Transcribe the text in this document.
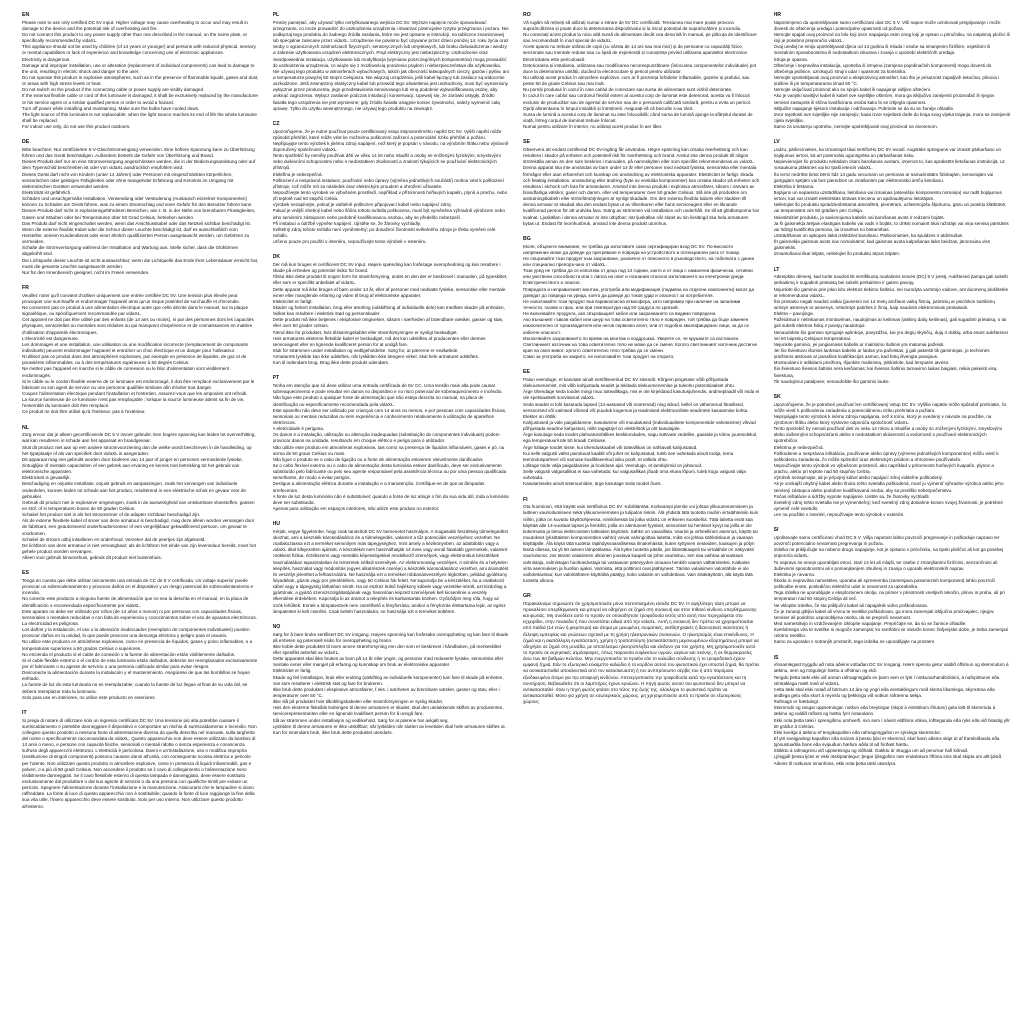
EN

Please note to use only certified DC 5V input. Higher voltage may cause overheating to occur and may result in damage to the device and the potential risk of overheating and fire.

Do not connect this product to any power supply other than one described in the manual, on the name plate, or specifically recommended by vidaXL.

This appliance should not be used by children (of 14 years or younger) and persons with reduced physical, sensory or mental capabilities or lack of experience and knowledge concerning use of electronic appliances.

Electricity is dangerous.

Damage and improper installation, use or alteration (replacement of individual components) can lead to damage to the unit, resulting in electric shock and danger to the user.

Do not operate this product in explosive atmospheres, such as in the presence of flammable liquids, gases and dust, or areas with high stress levels or heat.

Do not switch on the product if the connecting cable or power supply are visibly damaged.

If the external flexible cable or cord of this luminaire is damaged, it shall be exclusively replaced by the manufacturer or his service agent or a similar qualified person in order to avoid a hazard.

Turn off power while installing and maintaining. Make sure the bulbs have cooled down.

The light source of this luminaire is not replaceable; when the light source reaches its end of life the whole luminaire shall be replaced.

For indoor use only, do not use this product outdoors.

DE

Bitte beachten: Nur zertifizierten 5-V-Gleichstromeingang verwenden. Eine höhere Spannung kann zu Überhitzung führen und das Gerät beschädigen. Außerdem besteht die Gefahr von Überhitzung und Brand.

Dieses Produkt darf nur an eine Stromversorgung angeschlossen werden, die in der Bedienungsanleitung oder auf dem Typenschild beschrieben ist oder von vidaXL ausdrücklich empfohlen wird.

Dieses Gerät darf nicht von Kindern (unter 14 Jahren) oder Personen mit eingeschränkten körperlichen, sensorischen oder geistigen Fähigkeiten oder ohne mangelnder Erfahrung und Kenntnis im Umgang mit elektronischen Geräten verwendet werden.

Elektrizität ist gefährlich.

Schäden und unsachgemäße Installation, Verwendung oder Veränderung (Austausch einzelner Komponenten) können zu Schäden am Gerät führen, was zu einem Stromschlag und einer Gefahr für den Benutzer führen kann.

Dieses Produkt darf nicht in explosionsgefährdeten Bereichen, wie z. B. in der Nähe von brennbaren Flüssigkeiten, Gasen und Stäuben oder bei Temperaturen über 50 Grad Celsius, betrieben werden.

Das Produkt darf nicht eingeschaltet werden, wenn das Anschlusskabel oder das Netzteil sichtbar beschädigt ist.

Wenn die externe flexible Kabel oder die Schnur dieser Leuchte beschädigt ist, darf es ausschließlich vom Hersteller, seinem Kundendienst oder einer ähnlich qualifizierten Person ausgetauscht werden, um Gefahren zu vermeiden.

Schalte die Stromversorgung während der Installation und Wartung aus. Stelle sicher, dass die Glühbirnen abgekühlt sind.

Die Lichtquelle dieser Leuchte ist nicht austauschbar; wenn die Lichtquelle das Ende ihrer Lebensdauer erreicht hat, muss die gesamte Leuchte ausgetauscht werden.

Nur für den Innenbereich geeignet, nicht im Freien verwenden.

FR

Veuillez noter qu'il convient d'utiliser uniquement une entrée certifiée DC 5V. Une tension plus élevée peut provoquer une surchauffe et endommager l'appareil ainsi qu'un risque potentiel de surchauffe et d'incendie.

Ne connectez pas ce produit à une alimentation électrique autre que celle décrite dans le manuel, sur la plaque signalétique, ou spécifiquement recommandée par vidaXL.

Cet appareil ne doit pas être utilisé par des enfants (de 14 ans ou moins), ni par des personnes dont les capacités physiques, sensorielles ou mentales sont réduites ou qui manquent d'expérience et de connaissances en matière d'utilisation d'appareils électroniques.

L'électricité est dangereuse.

Les dommages et une installation, une utilisation ou une modification incorrecte (remplacement de composants individuels) peuvent endommager l'appareil et entraîner un choc électrique et un danger pour l'utilisateur.

N'utilisez pas ce produit dans des atmosphères explosives, par exemple en présence de liquides, de gaz et de poussières inflammables, ou à des températures supérieures à 50 degrés Celsius.

Ne mettez pas l'appareil en marche si le câble de connexion ou le bloc d'alimentation sont visiblement endommagés.

Si le câble ou le cordon flexible externe de ce luminaire est endommagé, il doit être remplacé exclusivement par le fabricant ou son agent de service ou une personne qualifiée similaire afin d'éviter tout danger.

Coupez l'alimentation électrique pendant l'installation et l'entretien. Assurez-vous que les ampoules ont refroidi.

La source lumineuse de ce luminaire n'est pas remplaçable ; lorsque la source lumineuse atteint sa fin de vie, l'ensemble du luminaire doit être remplacé.

Ce produit ne doit être utilisé qu'à l'intérieur, pas à l'extérieur.

NL

Zorg ervoor dat je alleen gecertificeerde DC 5 V invoer gebruikt. Een hogere spanning kan leiden tot oververhitting, wat kan resulteren in schade aan het apparaat en brandgevaar.

Sluit dit product niet aan op een andere stroomvoorziening dan die welke wordt beschreven in de handleiding, op het typeplaatje of als van specifiek door vidaXL is aangeraden.

Dit apparaat mag niet gebruikt worden door kinderen van 14 jaar of jonger en personen verminderde fysieke, zintuiglijke of mentale capaciteiten of een gebrek aan ervaring en kennis met betrekking tot het gebruik van elektronische apparaten.

Elektriciteit is gevaarlijk.

Beschadiging en onjuiste installatie, onjuist gebruik en aanpassingen, zoals het vervangen van individuele onderdelen, kunnen leiden tot schade aan het product, resulterend in een elektrische schok en gevaar voor de gebruiker.

Gebruik dit product niet in explosieve omgevingen, zoals in de aanwezigheid van ontvlambare vloeistoffen, gassen en stof, of in temperaturen boven de 50 graden Celsius.

Schakel het product niet in als het stroomsnoer of de adapter zichtbaar beschadigd zijn.

Als de externe flexibele kabel of snoer van deze armatuur is beschadigd, mag deze alleen worden vervangen door de fabrikant, een geautoriseerd onderhoudsmonteur of een vergelijkbaar gekwalificeerd persoon, om gevaar te voorkomen.

Schakel de stroom uitbij installeren en onderhoud. Verzeker dat de peertjes zijn afgekoeld.

De lichtbron van deze armatuur is niet vervangbaar; als de lichtbron het einde van zijn levensduur bereikt, moet het gehele product worden vervangen.

Alleen voor gebruik binnenshuis, gebruik dit product niet buitenshuis.

ES

Tenga en cuenta que debe utilizar únicamente una entrada de CC de 5 V certificada. Un voltaje superior puede provocar un sobrecalentamiento y provocar daños en el dispositivo y un riesgo potencial de sobrecalentamiento e incendio.

No conecte este producto a ninguna fuente de alimentación que no sea la descrita en el manual, en la placa de identificación o recomendada específicamente por vidaXL.

Este aparato no debe ser utilizado por niños (de 14 años o menos) ni por personas con capacidades físicas, sensoriales o mentales reducidas o con falta de experiencia y conocimientos sobre el uso de aparatos electrónicos.

La electricidad es peligrosa.

Los daños y la instalación, el uso o la alteración inadecuados (reemplazo de componentes individuales) pueden provocar daños en la unidad, lo que puede provocar una descarga eléctrica y peligro para el usuario.

No utilice este producto en atmósferas explosivas, como en presencia de líquidos, gases y polvo inflamables, o a temperaturas superiores a 50 grados Celsius o superiores.

No encienda el producto si el cable de conexión o la fuente de alimentación están visiblemente dañados.

Si el cable flexible externo o el cordón de esta luminaria están dañados, deberán ser reemplazados exclusivamente por el fabricante o su agente de servicio o una persona calificada similar para evitar riesgos.

Desconecte la alimentación durante la instalación y el mantenimiento. Asegúrese de que las bombillas se hayan enfriado.

La fuente de luz de esta luminaria no es reemplazable; cuando la fuente de luz llegue al final de su vida útil, se deberá reemplazar toda la luminaria.

Solo para uso en interiores, no utilice este producto en exteriores.

IT

Si prega di notare di utilizzare solo un ingresso certificato DC 5V. Una tensione più alta potrebbe causare il surriscaldamento e potrebbe danneggiare il dispositivo e comportare un rischio di surriscaldamento e incendio. Non collegare questo prodotto a nessuna fonte di alimentazione diversa da quella descritta nel manuale, sulla targhetta del nome o specificamente raccomandata da vidaXL. Questo apparecchio non deve essere utilizzato da bambini di 14 anni o meno, e persone con capacità fisiche, sensoriali o mentali ridotte o senza esperienza e conoscenza sull'uso degli apparecchi elettronici. L'elettricità è pericolosa. Danni e un'installazione, uso o modifica impropria (sostituzione di singoli componenti) possono causare danni all'unità, con conseguente scossa elettrica e pericolo per l'utente. Non utilizzare questo prodotto in atmosfere esplosive, come in presenza di liquidi infiammabili, gas e polveri, o a più di 50 gradi Celsius. Non accendere il prodotto se il cavo di collegamento o l'alimentazione sono visibilmente danneggiati. Se il cavo flessibile esterno di questa lampada è danneggiato, deve essere sostituito esclusivamente dal produttore o dal suo agente di servizio o da una persona con qualifiche simili per evitare un pericolo. Spegnere l'alimentazione durante l'installazione e la manutenzione. Assicurarsi che le lampadine si siano raffreddate. La fonte di luce di questo apparecchio non è sostituibile; quando la fonte di luce raggiunge la fine della sua vita utile, l'intero apparecchio deve essere sostituito. Solo per uso interno. Non utilizzare questo prodotto all'esterno.

PL

Proszę pamiętać, aby używać tylko certyfikowanego wejścia DC 5V. Wyższe napięcie może spowodować przegrzanie, co może prowadzić do uszkodzenia urządzenia i stwarzać potencjalne ryzyko przegrzania i pożaru. Nie podłączaj tego produktu do żadnego źródła zasilania, które nie jest opisane w instrukcji, na tabliczce znamionowej lub specjalnie zalecane przez vidaXL. Urządzenie nie powinno być używane przez dzieci poniżej 14. roku życia oraz osoby o ograniczonych zdolnościach fizycznych, sensorycznych lub umysłowych, lub braku doświadczenia i wiedzy w zakresie użytkowania urządzeń elektronicznych. Prąd elektryczny jest niebezpieczny. Uszkodzenie oraz nieodpowiednia instalacja, użytkowanie lub modyfikacja (wymiana poszczególnych komponentów) mogą prowadzić do uszkodzenia urządzenia, co wiąże się z możliwością porażenia prądem i niebezpieczeństwa dla użytkownika. Nie używaj tego produktu w atmosferach wybuchowych, takich jak obecność łatwopalnych cieczy, gazów i pyłów, ani w temperaturze powyżej 50 stopni Celsjusza. Nie włączaj urządzenia, jeśli kabel łączący lub zasilacz są widocznie uszkodzone. Jeśli zewnętrzny elastyczny kabel lub przewód tego oświetlenia jest uszkodzony, musi być wymieniony wyłącznie przez producenta, jego przedstawiciela serwisowego lub inną podobnie wykwalifikowaną osobę, aby uniknąć zagrożenia. Wyłącz zasilanie podczas instalacji i konserwacji. Upewnij się, że żarówki ostygły. Źródło światła tego urządzenia nie jest wymienne; gdy źródło światła osiągnie koniec żywotności, należy wymienić całą oprawę. Tylko do użytku wewnętrznego, nie używaj tego produktu na zewnątrz.

CZ

Upozorňujeme, že je nutné používat pouze certifikovaný vstup stejnosměrného napětí DC 5V. Vyšší napětí může způsobit přehřátí, které může vést ke možnému poškození zařízení a potenciální riziko přehřátí a požáru.

Nepřipojujte tento výrobek k jinému zdroji napájení, než který je popsán v návodu, na výrobním štítku nebo výslovně doporučený společností vidaXL.

Tento spotřebič by neměly používat děti ve věku 14 let nebo mladší a osoby se sníženými fyzickými, smyslovými nebo duševními schopnostmi nebo s nedostatkem zkušeností a znalostí týkajících se používání elektronických přístrojů.

Elektřina je nebezpečná.

Poškození a nesprávná instalace, používání nebo úpravy (výměna jednotlivých součástí) mohou vést k poškození přístroje, což může mít za následek úraz elektrickým proudem a ohrožení uživatele.

Nepoužívejte tento výrobek ve výbušném prostředí, například v přítomnosti hořlavých kapalin, plynů a prachu, nebo při teplotě nad 50 stupňů Celsia.

Výrobek nezapínejte, pokud je viditelně poškozen připojovací kabel nebo napájecí zdroj.

Pokud je vnější ohebný kabel nebo šňůra tohoto svítidla poškozena, musí být vyměněna výhradně výrobcem nebo jeho servisním zástupcem nebo podobně kvalifikovanou osobou, aby se předešlo nebezpečí.

Při instalaci a údržbě vypněte napájení. Ujistěte se, že žárovky vychladly.

Světelný zdroj tohoto svítidla není vyměnitelný; po dosažení životnosti světelného zdroje je třeba vyměnit celé svítidlo.

Určeno pouze pro použití v interiéru, nepoužívejte tento výrobek v exteriéru.

DK

Der må kun bruges et certificeret DC 5V input. Højere spænding kan forårsage overophedning og kan resultere i skade på enheden og potentiel risiko for brand.

Tilslut ikke dette produkt til nogen form for strømforsyning, andet en den der er beskrevet i manualen, på typeskiltet, eller som er specifikt anbefalet af vidaXL.

Dette apparat må ikke bruges af børn under 14 år, eller af personer med nedsatte fysiske, sensoriske eller mentale evner eller manglende erfaring og viden til brug af elektroniske apparater.

Elektricitet er farligt.

Skader og forkert installation, brug eller ændring (udskiftning af individuelle dele) kan medføre skader på enheden, hvilket kan resultere i elektrisk stød og personskader.

Dette produkt må ikke betjenes i eksplosive omgivelser, såsom i nærheden af brændbare væsker, gasser og støv, eller over 50 grader celsius.

Tænd ikke for produktet, hvis tilslutningskablet eller strømforsyningen er synligt beskadiget.

Hvis armaturets eksterne fleksible kabel er beskadiget, må det kun udskiftes af producenten eller dennes serviceagent eller en lignende kvalificeret person for at undgå fare.

Sluk for strømmen under installation og vedligeholdelse. Sørg for, at pærerne er nedkølede.

Armaturets lyskilde kan ikke udskiftes, når lyskilden ikke længere virker, skal hele armaturet udskiftes.

Kun til indendørs brug. Brug ikke dette produkt udendørs.

PT

Tenha em atenção que só deve utilizar uma entrada certificada de 5V CC. Uma tensão mais alta pode causar sobreaquecimento e pode resultar em danos no dispositivo e no risco potencial de sobreaquecimento e incêndio.

Não ligue este produto a qualquer fonte de alimentação que não esteja descrita no manual, na placa de identificação ou especificamente recomendada pela vidaXL.

Este aparelho não deve ser utilizado por crianças com 14 anos ou menos, e por pessoas com capacidades físicas, sensoriais ou mentais reduzidas ou sem experiência e conhecimento relativamente à utilização de aparelhos eletrónicos.

A eletricidade é perigosa.

Os danos e a instalação, utilização ou alteração inadequadas (substituição de componentes individuais) podem provocar danos na unidade, resultando em choque elétrico e perigo para o utilizador.

Não utilize este produto em atmosferas explosivas, tais como na presença de líquidos inflamáveis, gases e pó, ou acima de 50 graus Celsius ou mais.

Não ligue o produto se o cabo de ligação ou a fonte de alimentação estiverem visivelmente danificados.

Se o cabo flexível externo ou o cabo de alimentação desta luminária estiver danificado, deve ser exclusivamente substituído pelo fabricante ou pelo seu agente responsável pela assistência técnica ou por uma pessoa qualificada semelhante, de modo a evitar perigos.

Desligue a alimentação elétrica durante a instalação e a manutenção. Certifique-se de que as lâmpadas arrefeceram.

A fonte de luz desta luminária não é substituível; quando a fonte de luz atingir o fim da sua vida útil, toda a luminária deve ser substituída.

Apenas para utilização em espaços interiores, não utilize este produto no exterior.

HU

Kérjük, vegye figyelembe, hogy csak tanúsított DC 5V bemenetet használjon. A magasabb feszültség túlmelegedést okozhat, ami a készülék károsodásához és a túlmelegedés, valamint a tűz potenciális veszélyéhez vezethet. Ne csatlakoztassa ezt a terméket semmilyen más tápegységhez, mint amely a kézikönyvben, az adattáblán vagy a vidaXL által kifejezetten ajánlott. A készüléket nem használhatják 14 éves vagy annál fiatalabb gyermekek, valamint csökkent fizikai, érzékszervi vagy mentális képességekkel rendelkező személyek, vagy elektronikus készülékek használatában tapasztalatlan és ismeretek nélküli személyek. Az elektromosság veszélyes. A sérülés és a helytelen telepítés, használat vagy módosítás (egyes alkatrészek cseréje) a készülék károsodásához vezethet, ami áramütést és veszélyt jelenthet a felhasználóra. Ne használja ezt a terméket robbanásveszélyes légkörben, például gyúlékony folyadékok, gázok vagy por jelenlétében, vagy 50 Celsius fok felett. Ne kapcsolja be a készüléket, ha a csatlakozó kábel vagy a tápegység láthatóan sérült. Ha az eszköz külső hajlékony kábele vagy vezetéke sérült, azt kizárólag a gyártónak, a gyártó szervizszolgáltatójának vagy hasonlóan képzett személynek kell kicserélnie a veszély elkerülése érdekében. Kapcsolja ki az áramot a telepítés és karbantartás közben. Győződjön meg róla, hogy az izzók lehűltek. Ennek a lámpatestnek nem cserélhető a fényforrása; amikor a fényforrás élettartama lejár, az egész lámpatestet ki kell cserélni. Csak beltéri használatra, ne használja ezt a terméket kültéren.

NO

Sørg for å bare bruke sertifisert DC 5V inngang. Høyere spenning kan forårsake overoppheting og kan føre til skade på enheten og potensiell risiko for overoppheting og brann.

Ikke koble dette produktet til noen annen strømforsyning enn den som er beskrevet i håndboken, på merkeskiltet eller spesifikt anbefalt av vidaXL.

Dette apparatet skal ikke brukes av barn på 14 år eller yngre, og personer med reduserte fysiske, sensoriske eller mentale evner eller mangel på erfaring og kunnskap om bruk av elektroniske apparater.

Elektrisitet er farlig.

Skade og feil installasjon, bruk eller endring (utskifting av individuelle komponenter) kan føre til skade på enheten, noe som resulterer i elektrisk støt og fare for brukeren.

Ikke bruk dette produktet i eksplosive atmosfærer, f.eks. i nærheten av brennbare væsker, gasser og støv, eller i temperaturer over 50 °C.

Ikke slå på produktet hvis tilkoblingskabelen eller strømforsyningen er synlig skadet.

Hvis den eksterne fleksible ledningen til denne armaturen er skadet, skal den utelukkende skiftes av produsenten, servicerepresentanten eller en lignende kvalifisert person for å unngå fare.

Slå av strømmen under installasjon og vedlikehold. Sørg for at pærene har avkjølt seg.

Lyskilden til denne armaturen er ikke utskiftbar; når lyskilden når slutten av levetiden skal hele armaturen skiftes ut.

Kun for innendørs bruk, ikke bruk dette produktet utendørs.

RO

Vă rugăm să rețineți să utilizați numai o intrare de 5V DC certificată. Tensiunea mai mare poate provoca supraîncălzirea și poate duce la deteriorarea dispozitivului și la riscul potențial de supraîncălzire și incendiu.

Nu conectați acest produs la nicio altă sursă de alimentare decât cea descrisă în manual, pe plăcuța de identificare sau recomandată în mod special de vidaXL.

Acest aparat nu trebuie utilizat de copii (cu vârsta de 14 ani sau mai mici) și de persoane cu capacități fizice, senzoriale sau mentale reduse sau cu lipsă de experiență și cunoștințe privind utilizarea aparatelor electronice.

Electricitatea este periculoasă.

Deteriorarea și instalarea, utilizarea sau modificarea necorespunzătoare (înlocuirea componentelor individuale) pot duce la deteriorarea unității, ducând la electrocutare și pericol pentru utilizator.

Nu utilizați acest produs în atmosfere explozive, cum ar fi prezența lichidelor inflamabile, gazelor și prafului, sau peste 50 de grade Celsius sau mai mult.

Nu porniți produsul în cazul în care cablul de conectare sau sursa de alimentare sunt vizibil deteriorate.

În cazul în care cablul sau cordonul flexibil extern al acestui corp de iluminat este deteriorat, acesta va fi înlocuit exclusiv de producător sau de agentul de service sau de o persoană calificată similară, pentru a evita un pericol.

Opriți alimentarea în timpul instalării și întreținerii. Asigurați-vă că becurile s-au răcit.

Sursa de lumină a acestui corp de iluminat nu este înlocuibilă; când sursa de lumină ajunge la sfârșitul duratei de viață, întreg corpul de iluminat trebuie înlocuit.

Numai pentru utilizare în interior, nu utilizați acest produs în aer liber.

SE

Observera att endast certifierad DC 5V-ingång får användas. Högre spänning kan orsaka överhettning och kan resultera i skador på enheten och potentiell risk för överhettning och brand. Anslut inte denna produkt till någon strömkälla annan än den som beskrivs i manualen, på namnskylten eller som specifikt rekommenderas av vidaXL. Denna apparat ska inte användas av barn under 14 år eller personer med nedsatt fysiska, sensoriska eller mentala förmågor eller utan erfarenhet och kunskap om användning av elektroniska apparater. Elektricitet är farligt. Skada och felaktig installation, användning eller ändring (byte av enskilda komponenter) kan orsaka skador på enheten och resultera i elchock och fara för användaren. Använd inte denna produkt i explosiva atmosfärer, såsom i närvaro av brandfarliga vätskor, gaser och damm, eller vid temperaturer över 50 grader Celsius. Slå inte på produkten om anslutningskabeln eller strömförsörjningen är synligt skadade. Om den externa flexibla kabeln eller sladden till denna armatur är skadad ska den endast bytas ut av tillverkaren eller hans serviceagent eller en liknande kvalificerad person för att undvika fara. Stäng av strömmen vid installation och underhåll. Se till att glödlamporna har svalnat. Ljuskällan i denna armatur är inte utbytbar; när ljuskällan når slutet av sin livslängd ska hela armaturen bytas ut. Endast för inomhusbruk, använd inte denna produkt utomhus.

BG

Моля, обърнете внимание, че трябва да използвате само сертифициран вход DC 5V. По-високото напрежение може да доведе до прегряване и повреда на устройството и потенциален риск от пожар.

Не свързвайте този продукт към захранване, различно от описаното в ръководството, на табелката с данни или специално препоръчано от vidaXL.

Този уред не трябва да се използва от деца под 14 години, както и от лица с намалени физически, сетивни или умствени способности или с липса на опит и познания относно използването на електронни уреди.

Електричеството е опасно.

Повредата и неправилният монтаж, употреба или модификация (подмяна на отделни компоненти) могат да доведат до повреда на уреда, което да доведе до токов удар и опасност за потребителя.

Не използвайте този продукт във взривоопасна атмосфера, като например при наличие на запалими течности, газове и прах, или при температура над 50 градуса по Целзий.

Не включвайте продукта, ако свързващият кабел или захранването са видимо повредени.

Ако външният гъвкав кабел или шнур на това осветително тяло е повреден, той трябва да бъде заменен изключително от производителя или негов сервизен агент, или от подобно квалифицирано лице, за да се избегне опасност.

Изключвайте захранването по време на монтаж и поддръжка. Уверете се, че крушките са изстинали.

Светлинният източник на това осветително тяло не може да се сменя. Когато светлинният източник достигне края на своя живот, цялото осветително тяло трябва да се смени.

Само за употреба на закрито, не използвайте този продукт на открито.

EE

Palun veenduge, et kasutate ainult sertifitseeritud DC 5V sisendit. Kõrgem pingetase võib põhjustada ülekuumenemist, mis võib kahjustada seadet ja tekitada ülekuumenemise ja tuleohu potentsiaalset ohtu.

Ärge ühendage seda toodet mingi muu toiteallikaga, mis ei ole kirjeldatud kasutusjuhendis, andmeplaadil või mida ei ole spetsiaalselt soovitanud vidaXL.

Seda seadet ei tohi kasutada lapsed (14-aastased või nooremad) ning isikud, kellel on vähenenud füüsilised, sensoorsed või vaimsed võimed või puudub kogemus ja teadmised elektrooniliste seadmete kasutamise kohta.

Elekter on ohtlik.

Kahjustused ja vale paigaldamine, kasutamine või muudatused (individuaalsete komponentide vahetamine) võivad põhjustada seadme kahjustusi, mille tagajärjel on elektrilöök ja oht kasutajale.

Ärge kasutage seda toodet plahvatusohtlikes keskkondades, nagu süttivate vedelike, gaaside ja tolmu juuresolekul, ega temperatuuril üle 50 kraadi Celsiuse.

Ärge lülitage toodet sisse, kui ühenduskaabel või toiteallikas on nähtavalt kahjustatud.

Kui selle valgusti välist painduvat kaablit või juhet on kahjustatud, tuleb see vahetada ainult tootja, tema teeninduspartneri või sarnase kvalifitseeritud isiku poolt, et vältida ohtu.

Lülitage toide välja paigaldamise ja hoolduse ajal. Veenduge, et lambipirnid on jahtunud.

Selle valgusti valgusallikat ei saa vahetada; kui valgusallikas jõuab oma eluea lõpuni, tuleb kogu valgusti välja vahetada.

Kasutamiseks ainult siseruumides, ärge kasutage seda toodet õues.

FI

Ota huomioon, että käytät vain sertifioitua DC 5V -tuloliitäntää. Korkeampi jännite voi johtaa ylikuumenemiseen ja laitteen vaurioitumiseen sekä ylikuumenemisen ja tulipalon riskiin. Älä yhdistä tätä tuotetta muihin virtalähteisiin kuin niihin, jotka on kuvattu käyttöohjeessa, nimikilvessä tai jotka vidaXL on erikseen suositellut. Tätä laitetta eivät saa käyttää alle 14-vuotiaat lapset ja henkilöt, joilla on alentuneet fyysiset, sensoriset tai henkiset kyvyt tai joilla ei ole kokemusta ja tietoa elektronisten laitteiden käytöstä. Sähkö on vaarallista. Vauriot ja virheellinen asennus, käyttö tai muutokset (yksittäisten komponenttien vaihto) voivat vahingoittaa laitetta, mikä voi johtaa sähköiskuun ja vaaraan käyttäjälle. Älä käytä tätä tuotetta räjähdysvaarallisessa ilmakehässä, kuten syttyvien nesteiden, kaasujen ja pölyn läsnä ollessa, tai yli 50 asteen lämpötilassa. Älä kytke tuotetta päälle, jos liitäntäkaapeli tai virtalähde on näkyvästi vaurioitunut. Jos tämän valaisimen ulkoinen joustava kaapeli tai johto vaurioituu, sen saa vaihtaa ainoastaan valmistaja, valmistajan huoltoedustaja tai vastaavan pätevyyden omaava henkilö vaaran välttämiseksi. Katkaise virta asennuksen ja huollon ajaksi. Varmista, että polttimot ovat jäähtyneet. Tämän valaisimen valonlähde ei ole vaihdettavissa; kun valonlähteen käyttöikä päättyy, koko valaisin on vaihdettava. Vain sisäkäyttöön, älä käytä tätä tuotetta ulkona.

GR

Παρακαλούμε σημειώστε ότι χρησιμοποιείτε μόνο πιστοποιημένη είσοδο DC 5V. Η υψηλότερη τάση μπορεί να προκαλέσει υπερθέρμανση και μπορεί να οδηγήσει σε ζημιά στη συσκευή και στον πιθανό κίνδυνο υπερθέρμανσης και φωτιάς. Μη συνδέετε αυτό το προϊόν σε οποιαδήποτε τροφοδοσία εκτός από αυτή που περιγράφεται στο εγχειρίδιο, στην πινακίδα ή που συνιστάται ειδικά από την vidaXL. Αυτή η συσκευή δεν πρέπει να χρησιμοποιείται από παιδιά (14 ετών ή μικρότερα) και άτομα με μειωμένες σωματικές, αισθητηριακές ή διανοητικές ικανότητες ή έλλειψη εμπειρίας και γνώσεων σχετικά με τη χρήση ηλεκτρονικών συσκευών. Ο ηλεκτρισμός είναι επικίνδυνος. Η ζημιά και η ακατάλληλη εγκατάσταση, χρήση ή τροποποίηση (αντικατάσταση μεμονωμένων εξαρτημάτων) μπορεί να οδηγήσει σε ζημιά στη μονάδα, με αποτέλεσμα ηλεκτροπληξία και κίνδυνο για τον χρήστη. Μη χρησιμοποιείτε αυτό το προϊόν σε εκρηκτικές ατμόσφαιρες, όπως παρουσία εύφλεκτων υγρών, αερίων και σκόνης, ή σε θερμοκρασίες άνω των 50 βαθμών Κελσίου. Μην ενεργοποιείτε το προϊόν εάν το καλώδιο σύνδεσης ή το τροφοδοτικό έχουν εμφανή ζημιά. Εάν το εξωτερικό εύκαμπτο καλώδιο ή το κορδόνι αυτού του φωτιστικού έχει υποστεί ζημιά, θα πρέπει να αντικατασταθεί αποκλειστικά από τον κατασκευαστή ή τον αντιπρόσωπο σέρβις του ή από παρόμοια εξειδικευμένο άτομο για την αποφυγή κινδύνου. Απενεργοποιείτε την τροφοδοσία κατά την εγκατάσταση και τη συντήρηση. Βεβαιωθείτε ότι οι λαμπτήρες έχουν κρυώσει. Η πηγή φωτός αυτού του φωτιστικού δεν μπορεί να αντικατασταθεί· όταν η πηγή φωτός φτάσει στο τέλος της ζωής της, ολόκληρο το φωτιστικό πρέπει να αντικατασταθεί. Μόνο για χρήση σε εσωτερικούς χώρους, μη χρησιμοποιείτε αυτό το προϊόν σε εξωτερικούς χώρους.

HR

Napominjemo da upotrebljavate samo certificirani ulaz DC 5 V. Viši napon može uzrokovati pregrijavanje i može dovesti do oštećenja uređaja i potencijalne opasnosti od požara.

Nemojte spajati ovaj proizvod na bilo koji izvor napajanja osim onog koji je opisan u priručniku, na natpisnoj pločici ili koji je posebno preporučio vidaXL.

Ovaj uređaj ne smiju upotrebljavati djeca od 14 godina ili mlada i osobe sa smanjenim fizičkim, osjetilnim ili mentalnim sposobnostima ili nedostatkom iskustva i znanja o upotrebi električnih uređaja.

Struja je opasna.

Oštećenje i nepravilna instalacija, upotreba ili izmjena (zamjena pojedinačnih komponenti) mogu dovesti do oštećenja jedinice, uzrokujući strujni udar i opasnost za korisnika.

Nemojte upotrebljavati ovaj proizvod u eksplozivnoj atmosferi, kao što je prisutnost zapaljivih tekućina, plinova i prašine ili pri temperaturama iznad 50 °C.

Nemojte uključivati proizvod ako su spojni kabel ili napajanje vidljivo oštećeni.

Ako je vanjski savitljivi kabel ili kabel ove svjetiljke oštećen, mora ga isključivo zamijeniti proizvođač ili njegov servisni zastupnik ili slična kvalificirana osoba kako bi se izbjegla opasnost.

Isključite napajanje tijekom instalacije i održavanja. Pobrinite se da su se žarulje ohladile.

Izvor svjetlosti ove svjetiljke nije zamjenjiv; kada izvor svjetlosti dođe do kraja svog vijeka trajanja, mora se zamijeniti cijela svjetiljka.

Samo za unutarnju upotrebu, nemojte upotrebljavati ovaj proizvod na otvorenom.

LV

Lūdzu, pārliecinieties, ka izmantojat tikai sertificētu DC 5V ievadi. Augstāks spriegums var izraisīt pārkaršanu un bojājumus ierīcei, kā arī potenciālu ugunsgrēka un pārkaršanas risku.

Nepievienojiet šo produktu nekādam citam barošanas avotam, izņemot to, kas aprakstīts lietošanas instrukcijā, uz nosaukuma plāksnes vai ko īpaši ieteicis vidaXL.

Šo ierīci nedrīkst lietot bērni līdz 14 gadu vecumam un personas ar samazinātām fiziskajām, sensorajām vai garīgajām spējām vai bez pieredzes un zināšanām par elektronisko ierīču lietošanu.

Elektrība ir bīstama.

Bojājumi un nepareiza uzstādīšana, lietošana vai izmaiņas (atsevišķu komponentu nomaiņa) var radīt bojājumus ierīcei, kas var izraisīt elektriskās strāvas triecienu un apdraudējumu lietotājam.

Nelietojiet šo produktu sprādzienbīstamā atmosfērā, piemēram, uzliesmojošu šķidrumu, gāzu un putekļu klātbūtnē, vai temperatūrā virs 50 grādiem pēc Celsija.

Neieslēdziet produktu, ja savienojuma kabelis vai barošanas avots ir redzami bojāts.

Ja šī gaismekļa ārējais elastīgais kabelis vai vads ir bojāts, to drīkst nomainīt tikai ražotājs vai viņa servisa pārstāvis vai līdzīgi kvalificēta persona, lai izvairītos no bīstamības.

Uzstādīšanas un apkopes laikā izslēdziet barošanu. Pārliecinieties, ka spuldzes ir atdzisušas.

Šī gaismekļa gaismas avots nav nomaināms; kad gaismas avota kalpošanas laiks beidzas, jānomaina viss gaismeklis.

Izmantošanai tikai telpās, nelietojiet šo produktu ārpus telpām.

LT

Atkreipkite dėmesį, kad turite naudoti tik sertifikuotą nuolatinės srovės (DC) 5 V įvestį. Aukštesnė įtampa gali sukelti perkaitimą ir sugadinti prietaisą bei sukelti perkaitimo ir gaisro pavojų.

Nejunkite šio gaminio prie jokio kito elektros tiekimo šaltinio, nei nurodyta vartotojo vadove, ant duomenų plokštelės ar rekomenduota vidaXL.

Šio prietaiso negali naudoti vaikai (jaunesni nei 14 metų amžiaus vaikų fizinių, jutiminių ar psichikos sutrikimų turintys asmenys ar asmenys, neturintys patirties ir žinių, kaip naudotis elektroniniais prietaisais.

Elektra – pavojinga.

Pažeidimai ir netinkamas montavimas, naudojimas ar keitimas (atskirų dalių keitimas), gali sugadinti prietaisą, o tai gali sukelti elektros šoką ir pavojų naudotojui.

Nenaudokite šio gaminio sprogioje aplinkoje, pavyzdžiui, kai yra degių skysčių, dujų ir dulkių, arba esant aukštesnei nei 50 laipsnių Celsijaus temperatūrai.

Nejunkite gaminio, jei jungiamasis kabelis ar maitinimo šaltinis yra matomai pažeisti.

Jei šio šviestuvo išorinis lankstus kabelis ar laidas yra pažeistas, jį gali pakeisti tik gamintojas, jo techninės priežiūros atstovas ar panašios kvalifikacijos asmuo, kad būtų išvengta pavojaus.

Montuodami ir atlikdami priežiūrą, išjunkite maitinimą. Įsitikinkite, kad lemputės atvėso.

Šio šviestuvo šviesos šaltinis nėra keičiamas; kai šviesos šaltinio tarnavimo laikas baigiasi, reikia pakeisti visą šviestuvą.

Tik naudojimui patalpose; nenaudokite šio gaminio lauke.

SK

Upozorňujeme, že je potrebné používať len certifikovaný vstup DC 5V. Vyššie napätie môže spôsobiť prehriatie, čo môže viesť k poškodeniu zariadenia a potenciálnemu riziku prehriatia a požiaru.

Nepripájajte tento výrobok k inému zdroju napájania, než k tomu, ktorý je uvedený v návode na použitie, na výrobnom štítku alebo ktorý výslovne odporúča spoločnosť vidaXL.

Tento spotrebič by nemali používať deti vo veku 14 rokov a mladšie a osoby so zníženými fyzickými, zmyslovými alebo duševnými schopnosťami alebo s nedostatkom skúseností a vedomostí o používaní elektronických spotrebičov.

Elektrina je nebezpečná.

Poškodenie a nesprávna inštalácia, používanie alebo úpravy (výmena jednotlivých komponentov) môžu viesť k poškodeniu zariadenia, čo môže spôsobiť úraz elektrickým prúdom a ohrozenie používateľa.

Nepoužívajte tento výrobok vo výbušnom prostredí, ako napríklad v prítomnosti horľavých kvapalín, plynov a prachu, alebo pri teplote nad 50 stupňov Celzia.

Výrobok nezapínajte, ak je prípojný kábel alebo napájací zdroj viditeľne poškodený.

Ak je vonkajší ohybný kábel alebo šnúra tohto svietidla poškodená, musí ju vymeniť výhradne výrobca alebo jeho servisný zástupca alebo podobne kvalifikovaná osoba, aby sa predišlo nebezpečenstvu.

Počas inštalácie a údržby vypnite napájanie. Uistite sa, že žiarovky vychladli.

Svetelný zdroj tohto svietidla nie je vymeniteľný; keď svetelný zdroj dosiahne koniec svojej životnosti, je potrebné vymeniť celé svietidlo.

Len na použitie v interiéri, nepoužívajte tento výrobok v exteriéri.

SI

Upoštevajte samo certificirani vhod DC 5 V. Višja napetost lahko povzroči pregrevanje in poškoduje napravo ter povzroči potencialno nevarnost pregrevanja in požara.

Izdelka ne priključujte na nobeno drugo napajanje, kot je opisano v priročniku, na tipski ploščici ali kot ga posebej priporoča vidaXL.

To napravo ne smejo uporabljati otroci, stari 14 let ali mlajši, ter osebe z zmanjšanimi fizičnimi, senzoričnimi ali duševnimi sposobnostmi ali s pomanjkanjem izkušenj in znanja o uporabi elektronskih naprav.

Elektrika je nevarna.

Škoda in nepravilna namestitev, uporaba ali sprememba (zamenjava posameznih komponent) lahko povzroči poškodbe enote, posledično električni udar in nevarnost za uporabnika.

Tega izdelka ne uporabljajte v eksplozivnem okolju, na primer v prisotnosti vnetljivih tekočin, plinov in prahu, ali pri temperaturi nad 50 stopinj Celzija ali več.

Ne vklopite izdelka, če sta priključni kabel ali napajalnik vidno poškodovana.

Če je zunanji gibljivi kabel ali vrvica te svetilke poškodovan, ga mora zamenjati izključno proizvajalec, njegov serviser ali podobno usposobljena oseba, da se prepreči nevarnost.

Med namestitvijo in vzdrževanjem izklopite napajanje. Prepričajte se, da so se žarnice ohladile.

Svetlobnega vira te svetilke ni mogoče zamenjati; ko svetlobni vir doseže konec življenjske dobe, je treba zamenjati celotno svetilko.

Samo za uporabo v notranjih prostorih, tega izdelka ne uporabljajte na prostem.

IS

Vinsamlegast tryggðu að nota aðeins vottaðan DC 5V inngang. Hærri spenna getur valdið ofhitnun og skemmdum á tækinu, sem og mögulegri hættu á ofhitnun og eldi.

Tengdu þetta tæki ekki við annan rafmagnsgjafa en þann sem er lýst í notkunarhandbókinni, á nafnplötunni eða sérstaklega mælt með af vidaXL.

Þetta tæki skal ekki notað af börnum 14 ára og yngri eða einstaklingum með skerta líkamlega, skynræna eða andlega getu eða skort á reynslu og þekkingu við notkun rafrænna tækja.

Rafmagn er hættulegt.

Skemmdir og rangar uppsetningar, notkun eða breytingar (skipti á einstökum íhlutum) geta leitt til skemmda á tækinu og valdið raflosti og hættu fyrir notandann.

Ekki nota þetta tæki í sprengifimu umhverfi, svo sem í návist eldfimra vökva, lofttegunda eða ryks eða við hitastig yfir 50 gráður á Celsíus.

Ekki kveikja á tækinu ef tengikapallinn eða rafmagnsgjafinn er sýnilega skemmdur.

Ef ytri sveigjanlegi kapallinn eða snúran á þessu ljósi er skemmd, skal hann aðeins skipt út af framleiðanda eða þjónustuaðila hans eða svipuðum hæfum aðila til að forðast hættu.

Slökktu á rafmagninu við uppsetningu og viðhald. Gakktu úr skugga um að perurnar hafi kólnað.

Ljósgjafi þessa ljóss er ekki útskiptanlegur; þegar ljósgjafinn nær endalokum líftíma síns skal skipta um allt ljósið.

Aðeins til notkunar innanhúss, ekki nota þetta tæki utandyra.
